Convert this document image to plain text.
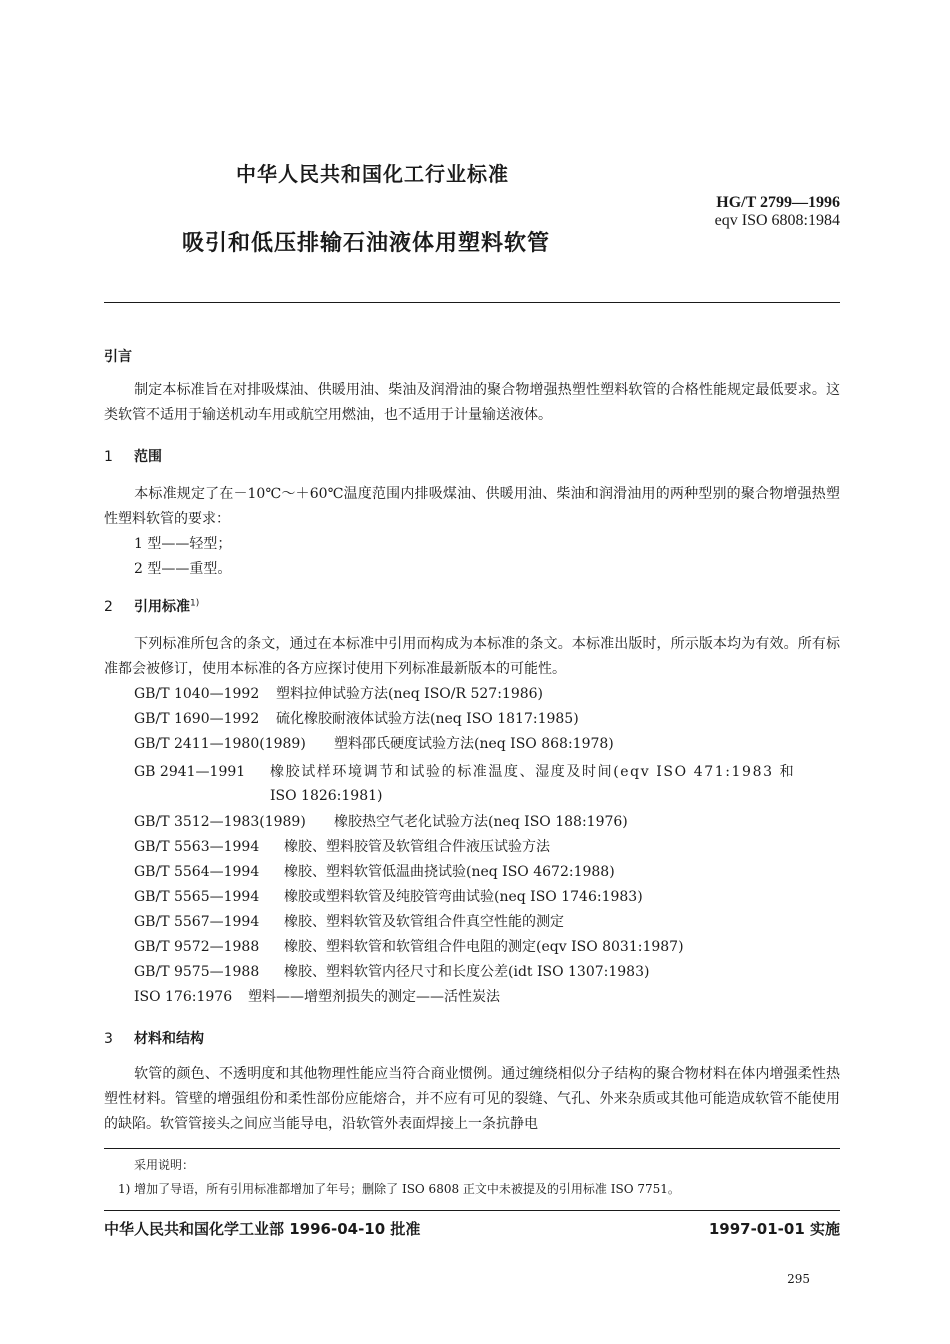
中华人民共和国化工行业标准
HG/T 2799—1996
eqv ISO 6808:1984
吸引和低压排输石油液体用塑料软管
引言
制定本标准旨在对排吸煤油、供暖用油、柴油及润滑油的聚合物增强热塑性塑料软管的合格性能规定最低要求。这类软管不适用于输送机动车用或航空用燃油，也不适用于计量输送液体。
1 范围
本标准规定了在－10℃～＋60℃温度范围内排吸煤油、供暖用油、柴油和润滑油用的两种型别的聚合物增强热塑性塑料软管的要求：
1 型——轻型；
2 型——重型。
2 引用标准$^{1)}$
下列标准所包含的条文，通过在本标准中引用而构成为本标准的条文。本标准出版时，所示版本均为有效。所有标准都会被修订，使用本标准的各方应探讨使用下列标准最新版本的可能性。
GB/T 1040—1992 塑料拉伸试验方法(neq ISO/R 527:1986)
GB/T 1690—1992 硫化橡胶耐液体试验方法(neq ISO 1817:1985)
GB/T 2411—1980(1989) 塑料邵氏硬度试验方法(neq ISO 868:1978)
GB 2941—1991 橡胶试样环境调节和试验的标准温度、湿度及时间(eqv ISO 471:1983 和
ISO 1826:1981)
GB/T 3512—1983(1989) 橡胶热空气老化试验方法(neq ISO 188:1976)
GB/T 5563—1994 橡胶、塑料胶管及软管组合件液压试验方法
GB/T 5564—1994 橡胶、塑料软管低温曲挠试验(neq ISO 4672:1988)
GB/T 5565—1994 橡胶或塑料软管及纯胶管弯曲试验(neq ISO 1746:1983)
GB/T 5567—1994 橡胶、塑料软管及软管组合件真空性能的测定
GB/T 9572—1988 橡胶、塑料软管和软管组合件电阻的测定(eqv ISO 8031:1987)
GB/T 9575—1988 橡胶、塑料软管内径尺寸和长度公差(idt ISO 1307:1983)
ISO 176:1976 塑料——增塑剂损失的测定——活性炭法
3 材料和结构
软管的颜色、不透明度和其他物理性能应当符合商业惯例。通过缠绕相似分子结构的聚合物材料在体内增强柔性热塑性材料。管壁的增强组份和柔性部份应能熔合，并不应有可见的裂缝、气孔、外来杂质或其他可能造成软管不能使用的缺陷。软管管接头之间应当能导电，沿软管外表面焊接上一条抗静电
采用说明：
1) 增加了导语，所有引用标准都增加了年号；删除了 ISO 6808 正文中未被提及的引用标准 ISO 7751。
中华人民共和国化学工业部 1996-04-10 批准	1997-01-01 实施
295
